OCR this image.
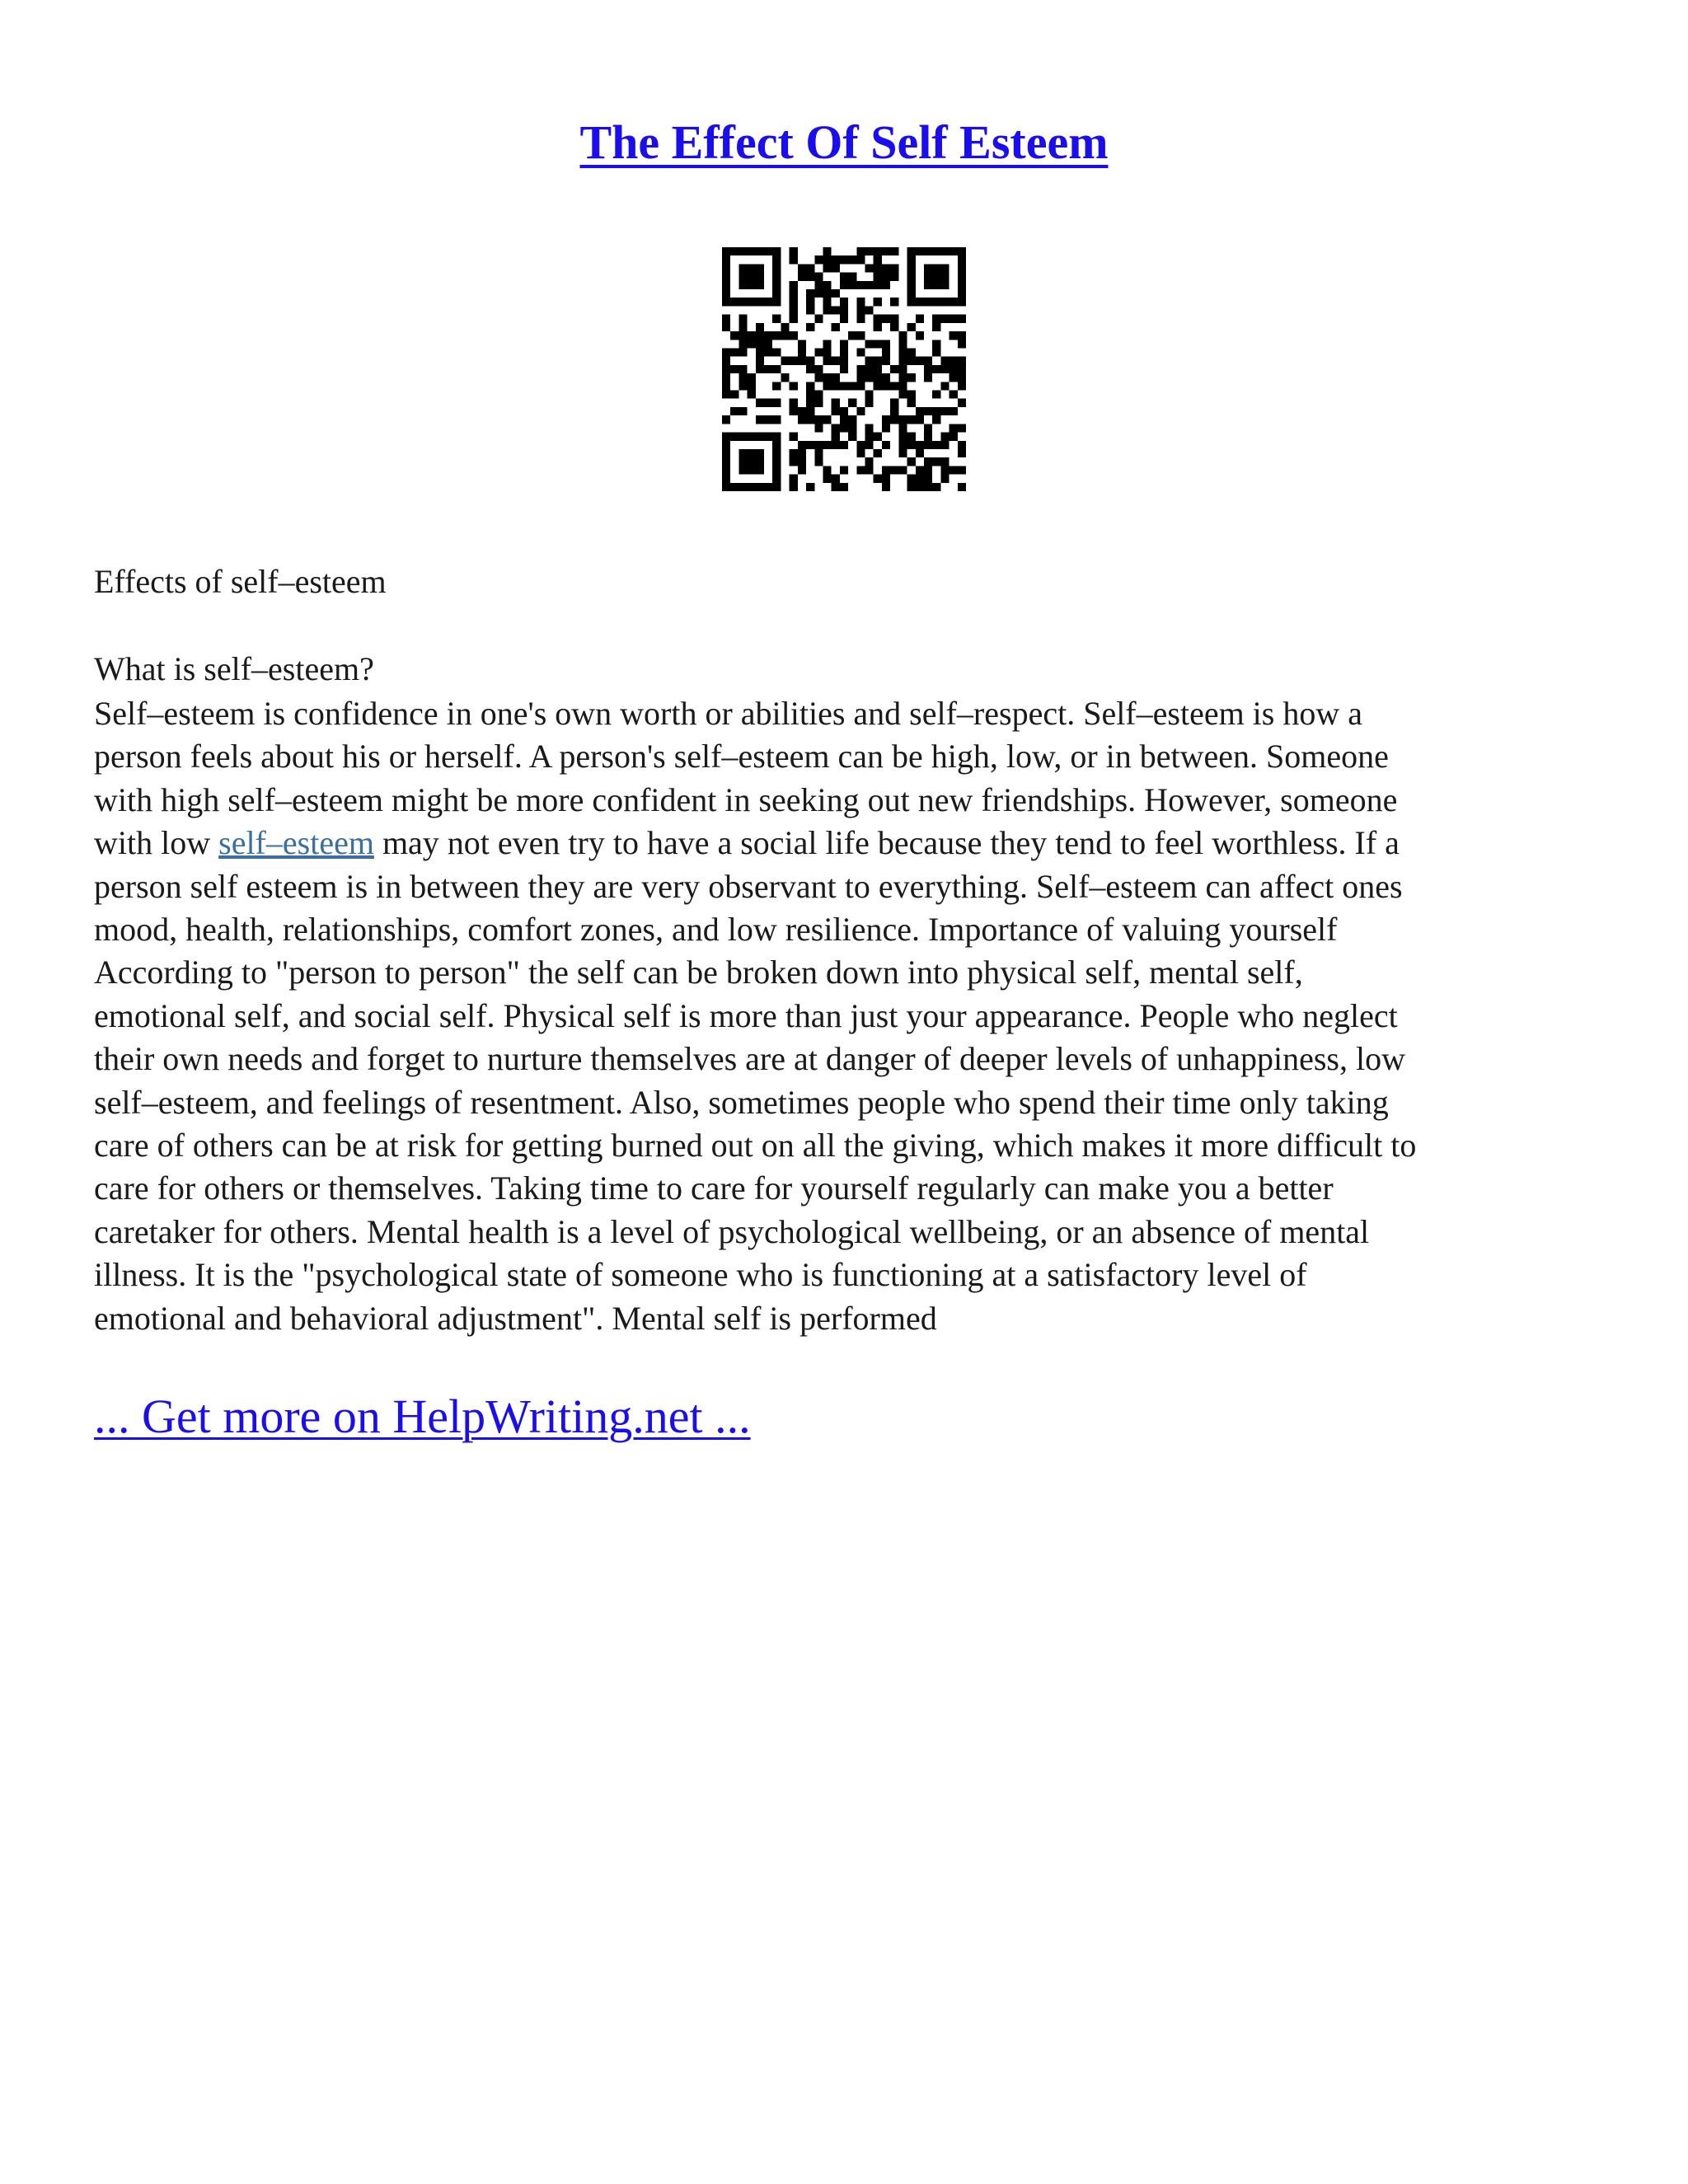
The Effect Of Self Esteem
Effects of self–esteem

What is self–esteem?

Self–esteem is confidence in one's own worth or abilities and self–respect. Self–esteem is how a
person feels about his or herself. A person's self–esteem can be high, low, or in between. Someone
with high self–esteem might be more confident in seeking out new friendships. However, someone
with low self–esteem may not even try to have a social life because they tend to feel worthless. If a
person self esteem is in between they are very observant to everything. Self–esteem can affect ones
mood, health, relationships, comfort zones, and low resilience. Importance of valuing yourself
According to "person to person" the self can be broken down into physical self, mental self,
emotional self, and social self. Physical self is more than just your appearance. People who neglect
their own needs and forget to nurture themselves are at danger of deeper levels of unhappiness, low
self–esteem, and feelings of resentment. Also, sometimes people who spend their time only taking
care of others can be at risk for getting burned out on all the giving, which makes it more difficult to
care for others or themselves. Taking time to care for yourself regularly can make you a better
caretaker for others. Mental health is a level of psychological wellbeing, or an absence of mental
illness. It is the "psychological state of someone who is functioning at a satisfactory level of
emotional and behavioral adjustment". Mental self is performed
... Get more on HelpWriting.net ...
